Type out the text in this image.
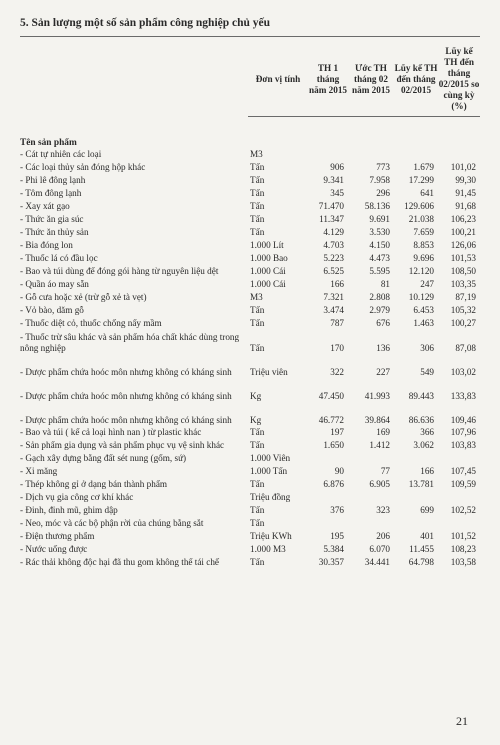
5. Sản lượng một số sản phẩm công nghiệp chủ yếu
	Đơn vị tính	TH 1 tháng năm 2015	Ước TH tháng 02 năm 2015	Lũy kế TH đến tháng 02/2015	Lũy kế TH đến tháng 02/2015 so cùng kỳ (%)
Tên sản phẩm					
- Cát tự nhiên các loại	M3				
- Các loại thủy sản đóng hộp khác	Tấn	906	773	1.679	101,02
- Phi lê đông lạnh	Tấn	9.341	7.958	17.299	99,30
- Tôm đông lạnh	Tấn	345	296	641	91,45
- Xay xát gạo	Tấn	71.470	58.136	129.606	91,68
- Thức ăn gia súc	Tấn	11.347	9.691	21.038	106,23
- Thức ăn thủy sản	Tấn	4.129	3.530	7.659	100,21
- Bia đóng lon	1.000 Lít	4.703	4.150	8.853	126,06
- Thuốc lá có đầu lọc	1.000 Bao	5.223	4.473	9.696	101,53
- Bao và túi dùng để đóng gói hàng từ nguyên liệu dệt	1.000 Cái	6.525	5.595	12.120	108,50
- Quần áo may sẵn	1.000 Cái	166	81	247	103,35
- Gỗ cưa hoặc xẻ (trừ gỗ xẻ tà vẹt)	M3	7.321	2.808	10.129	87,19
- Vỏ bào, dăm gỗ	Tấn	3.474	2.979	6.453	105,32
- Thuốc diệt cỏ, thuốc chống nấy mầm	Tấn	787	676	1.463	100,27

- Thuốc trừ sâu khác và sản phẩm hóa chất khác dùng trong nông nghiệp	Tấn	170	136	306	87,08

- Dược phẩm chứa hoóc môn nhưng không có kháng sinh	Triệu viên	322	227	549	103,02

- Dược phẩm chứa hoóc môn nhưng không có kháng sinh	Kg	47.450	41.993	89.443	133,83

- Dược phẩm chứa hoóc môn nhưng không có kháng sinh	Kg	46.772	39.864	86.636	109,46
- Bao và túi ( kể cả loại hình nan ) từ plastic khác	Tấn	197	169	366	107,96
- Sản phẩm gia dụng và sản phẩm phục vụ vệ sinh khác	Tấn	1.650	1.412	3.062	103,83
- Gạch xây dựng bằng đất sét nung (gốm, sứ)	1.000 Viên				
- Xi măng	1.000 Tấn	90	77	166	107,45
- Thép không gỉ ở dạng bán thành phẩm	Tấn	6.876	6.905	13.781	109,59
- Dịch vụ gia công cơ khí khác	Triệu đồng				
- Đinh, đinh mũ, ghim dập	Tấn	376	323	699	102,52
- Neo, móc và các bộ phận rời của chúng bằng sắt	Tấn				
- Điện thương phẩm	Triệu KWh	195	206	401	101,52
- Nước uống được	1.000 M3	5.384	6.070	11.455	108,23
- Rác thải không độc hại đã thu gom không thể tái chế	Tấn	30.357	34.441	64.798	103,58
21
